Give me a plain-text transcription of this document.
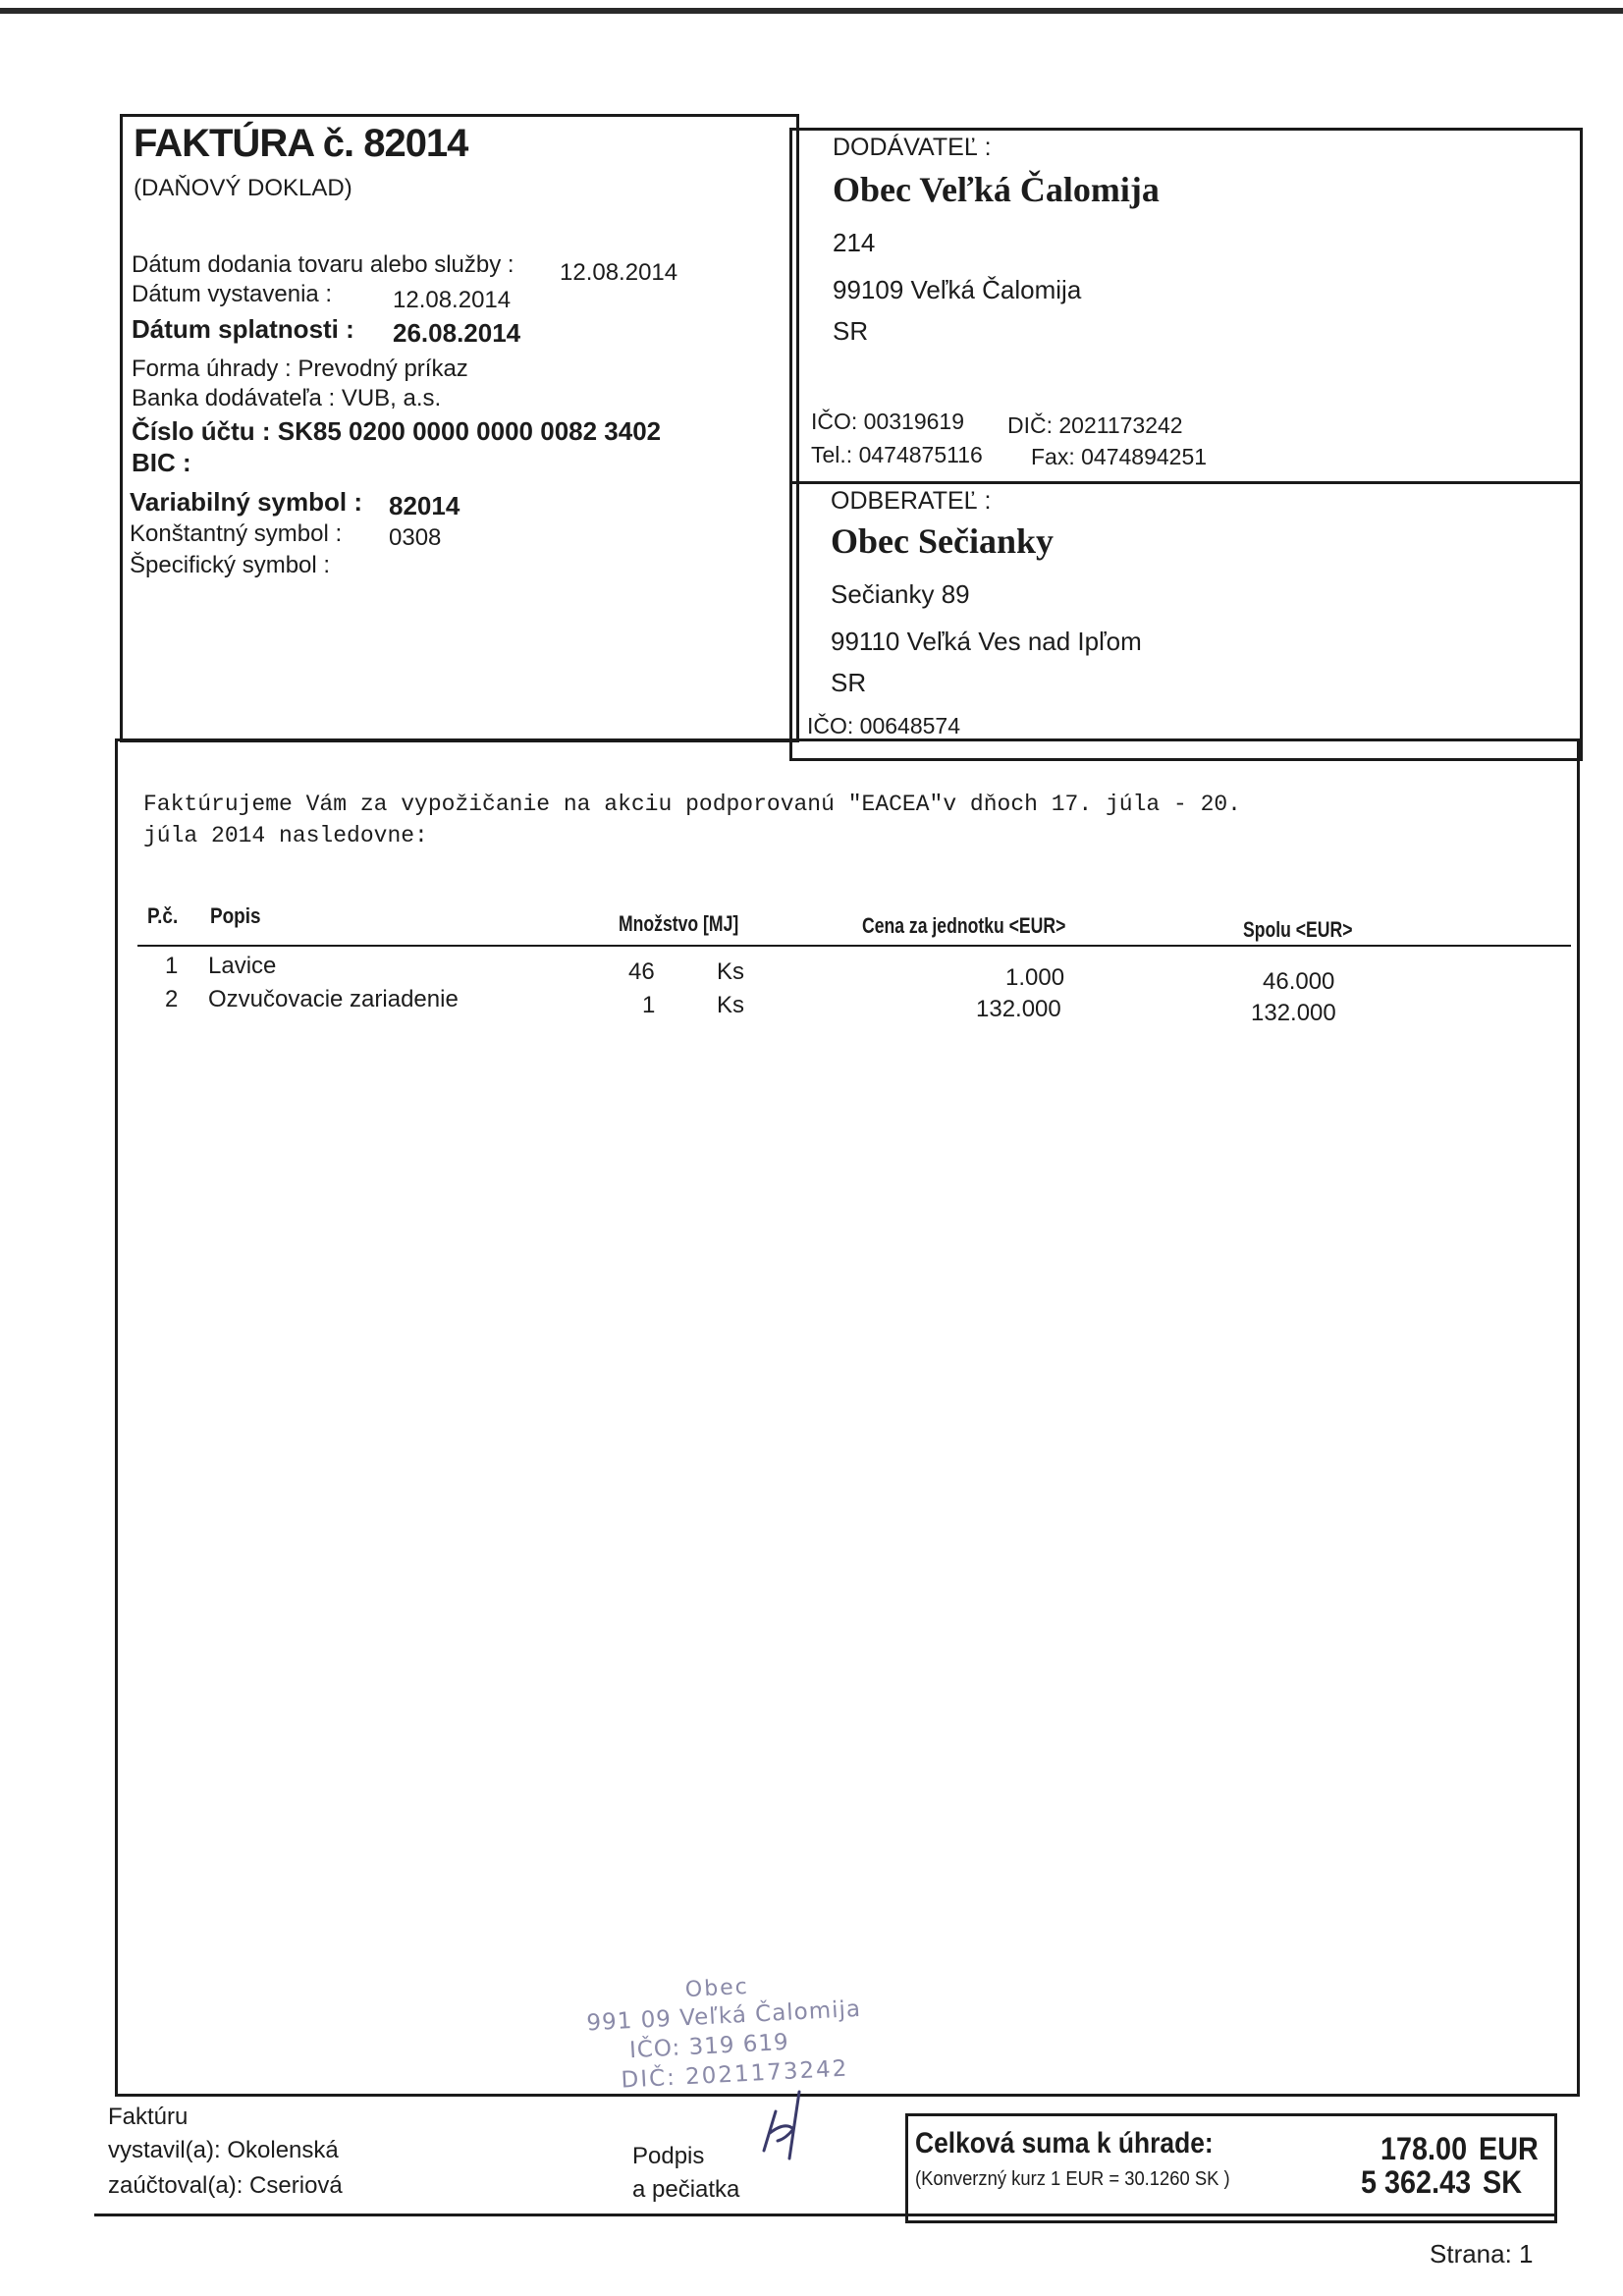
FAKTÚRA č. 82014
(DAŇOVÝ DOKLAD)
Dátum dodania tovaru alebo služby : 12.08.2014
Dátum vystavenia :	12.08.2014
Dátum splatnosti : 26.08.2014
Forma úhrady : Prevodný príkaz
Banka dodávateľa : VUB, a.s.
Číslo účtu : SK85 0200 0000 0000 0082 3402
BIC :
Variabilný symbol : 82014
Konštantný symbol : 0308
Špecifický symbol :
DODÁVATEĽ :
Obec Veľká Čalomija
214
99109 Veľká Čalomija
SR
IČO: 00319619 DIČ: 2021173242
Tel.: 0474875116 Fax: 0474894251
ODBERATEĽ :
Obec Sečianky
Sečianky 89
99110 Veľká Ves nad Ipľom
SR
IČO: 00648574
Faktúrujeme Vám za vypožičanie na akciu podporovanú "EACEA"v dňoch 17. júla - 20.
júla 2014 nasledovne:
P.č. Popis	Množstvo [MJ]	Cena za jednotku <EUR>	Spolu <EUR>
1 Lavice	46	Ks	1.000	46.000
2 Ozvučovacie zariadenie	1	Ks	132.000	132.000
Obec
991 09 Veľká Čalomija
IČO: 319 619
DIČ: 2021173242
Faktúru
vystavil(a): Okolenská
zaúčtoval(a): Cseriová
Podpis
a pečiatka
Celková suma k úhrade:
(Konverzný kurz 1 EUR = 30.1260 SK )
178.00 EUR
5 362.43 SK
Strana: 1
